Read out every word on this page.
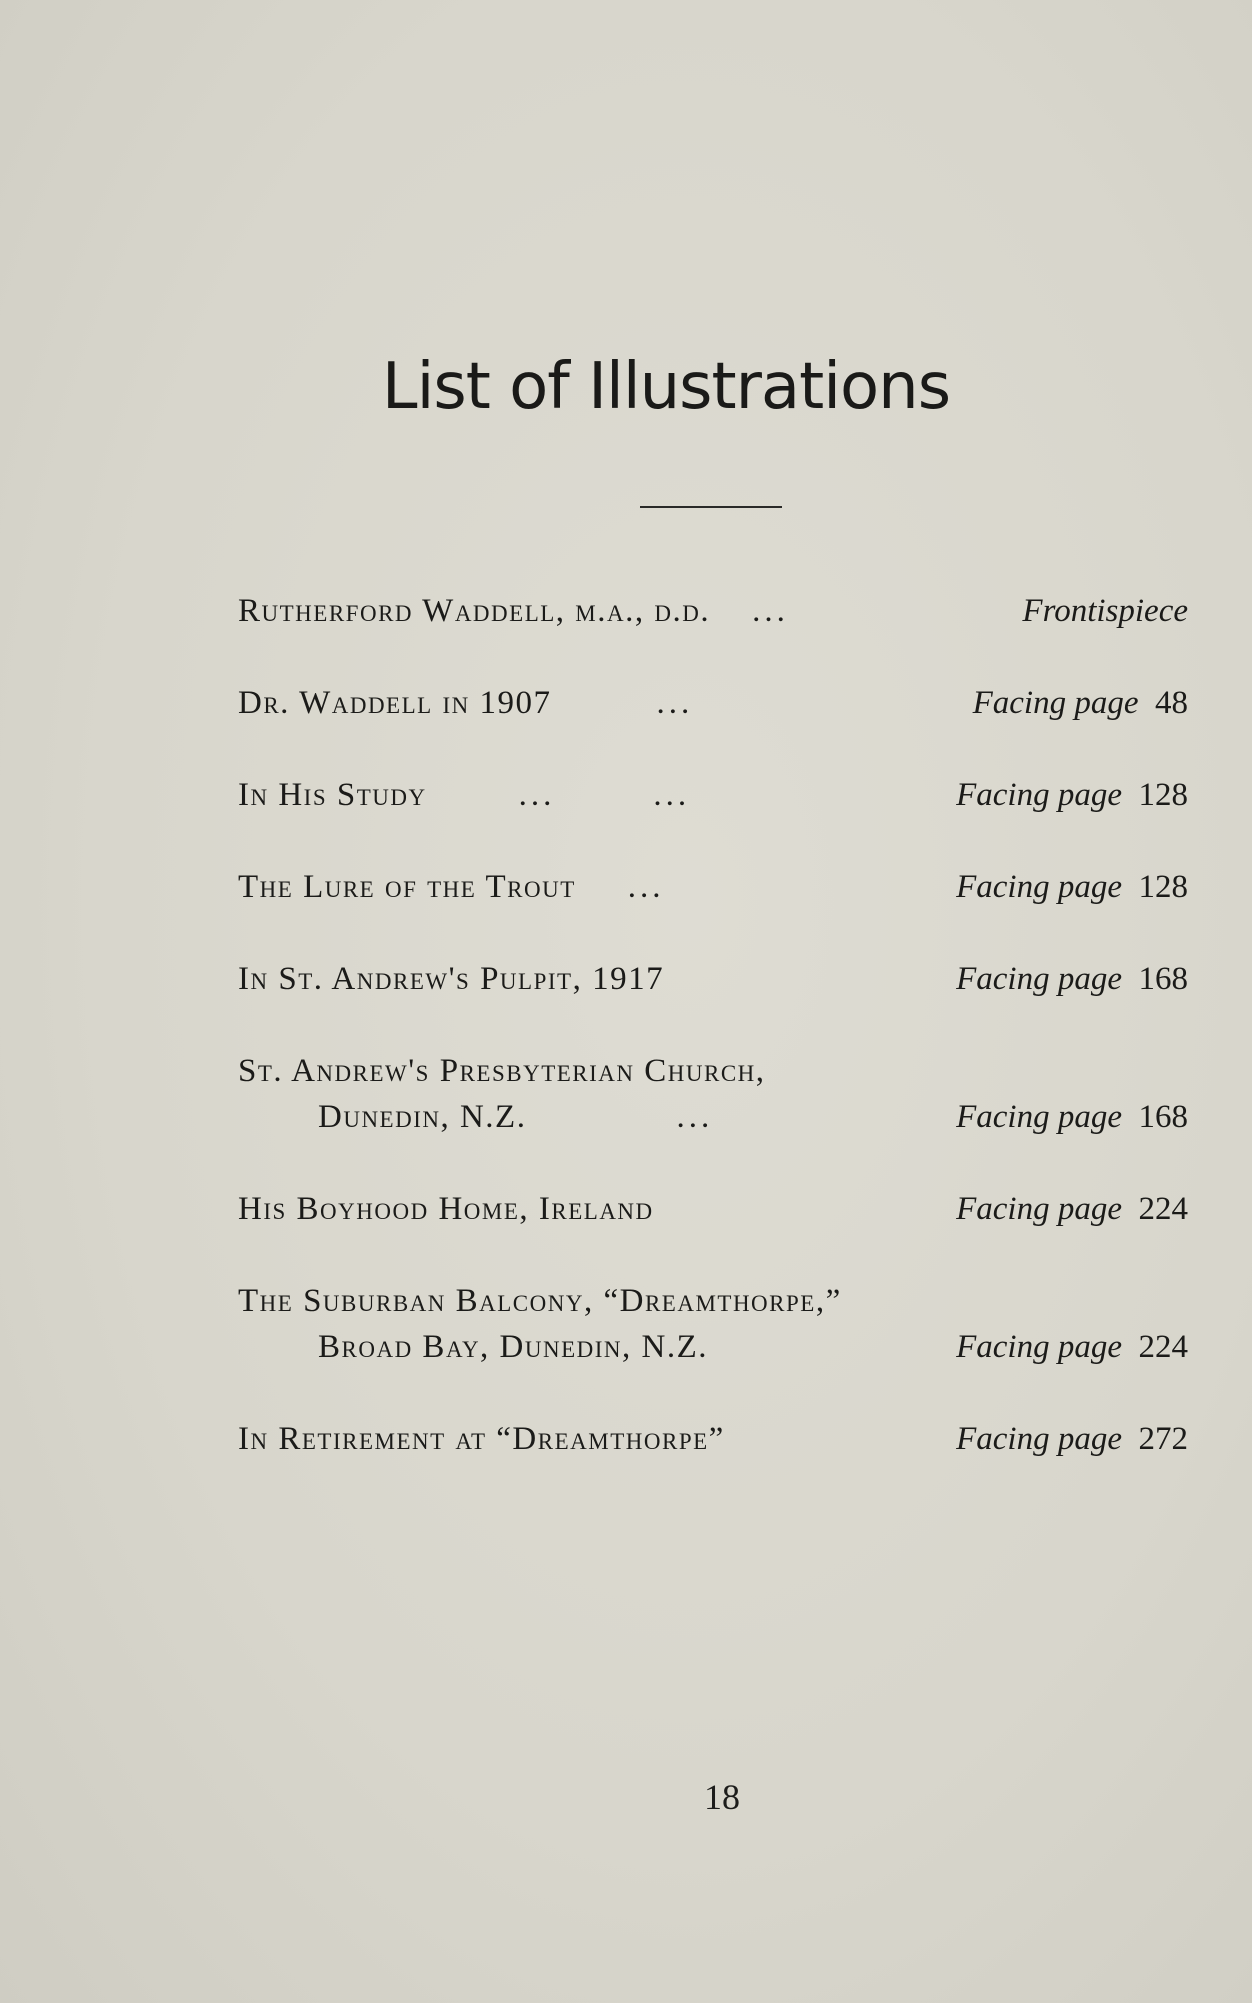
List of Illustrations
Rutherford Waddell, m.a., d.d. ...	Frontispiece
Dr. Waddell in 1907	...	Facing page  48
In His Study	...        ...	Facing page  128
The Lure of the Trout ...	Facing page  128
In St. Andrew's Pulpit, 1917	Facing page  168
St. Andrew's Presbyterian Church,
Dunedin, N.Z.	...	Facing page  168
His Boyhood Home, Ireland	Facing page  224
The Suburban Balcony, “Dreamthorpe,”
Broad Bay, Dunedin, N.Z.	Facing page  224
In Retirement at “Dreamthorpe”	Facing page  272
18
